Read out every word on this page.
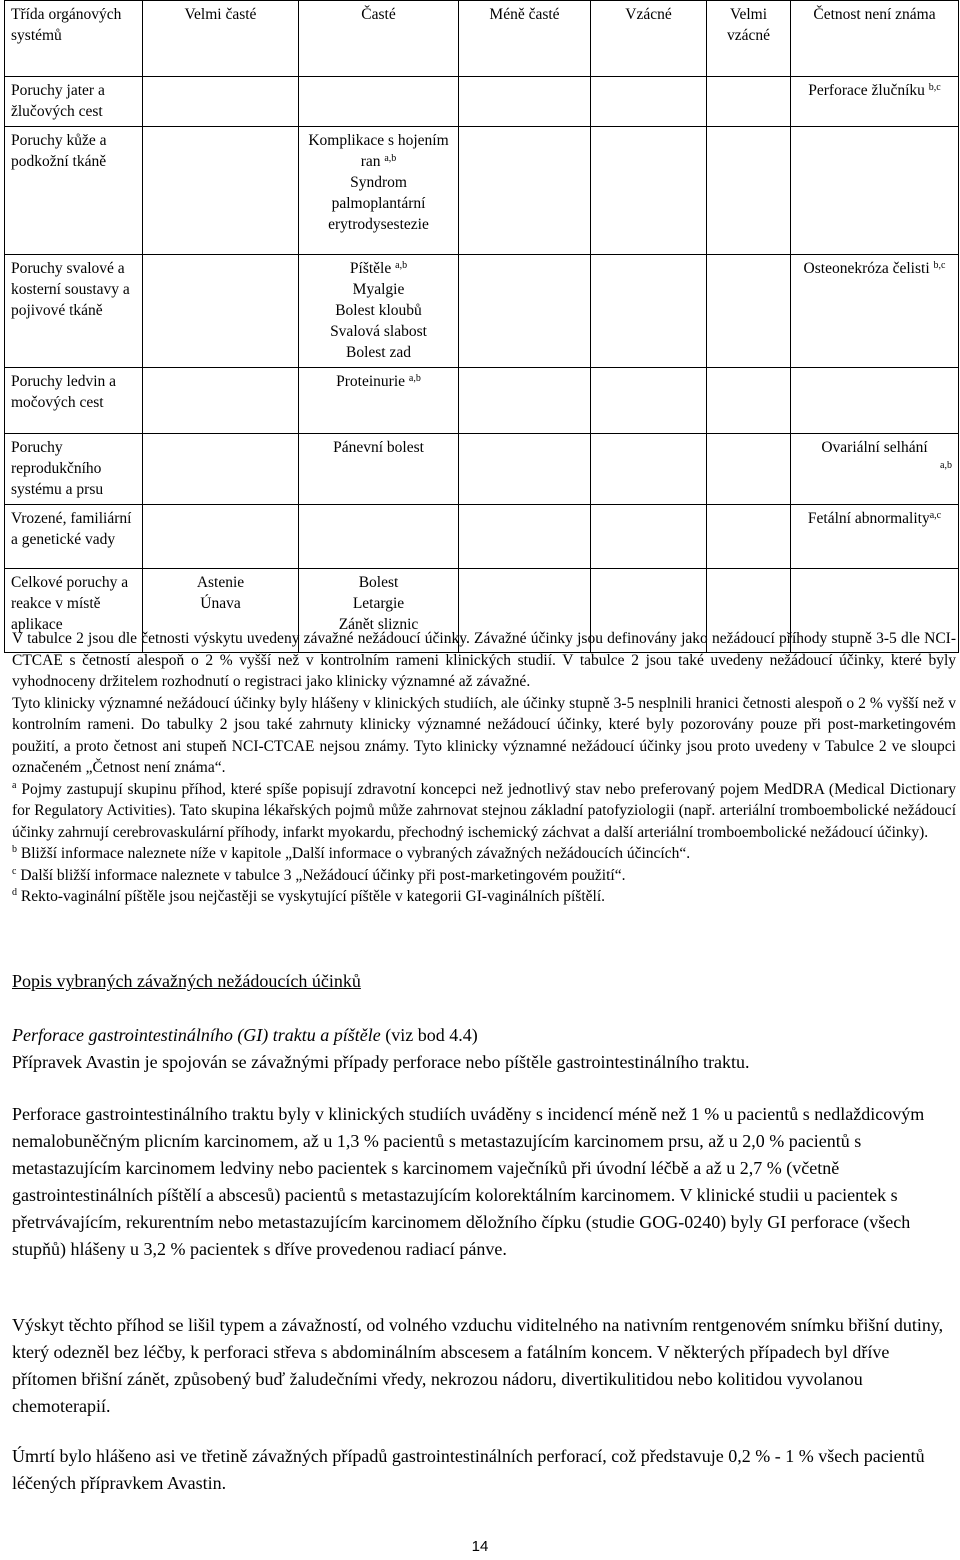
Třída orgánových systémů	Velmi časté	Časté	Méně časté	Vzácné	Velmi vzácné	Četnost není známa
Poruchy jater a žlučových cest						Perforace žlučníku $^{b,c}$
Poruchy kůže a podkožní tkáně		Komplikace s hojením ran $^{a,b}$
Syndrom palmoplantární erytrodysestezie				
Poruchy svalové a kosterní soustavy a pojivové tkáně		Píštěle $^{a,b}$
Myalgie
Bolest kloubů
Svalová slabost
Bolest zad				Osteonekróza čelisti $^{b,c}$
Poruchy ledvin a močových cest		Proteinurie $^{a,b}$				
Poruchy reprodukčního systému a prsu		Pánevní bolest				Ovariální selhání

$^{a,b}$

Vrozené, familiární a genetické vady						Fetální abnormality$^{a,c}$
Celkové poruchy a reakce v místě aplikace	Astenie
Únava	Bolest
Letargie
Zánět sliznic				

V tabulce 2 jsou dle četnosti výskytu uvedeny závažné nežádoucí účinky. Závažné účinky jsou definovány jako nežádoucí příhody stupně 3-5 dle NCI-CTCAE s četností alespoň o 2 % vyšší než v kontrolním rameni klinických studií. V tabulce 2 jsou také uvedeny nežádoucí účinky, které byly vyhodnoceny držitelem rozhodnutí o registraci jako klinicky významné až závažné.

Tyto klinicky významné nežádoucí účinky byly hlášeny v klinických studiích, ale účinky stupně 3-5 nesplnili hranici četnosti alespoň o 2 % vyšší než v kontrolním rameni. Do tabulky 2 jsou také zahrnuty klinicky významné nežádoucí účinky, které byly pozorovány pouze při post-marketingovém použití, a proto četnost ani stupeň NCI-CTCAE nejsou známy. Tyto klinicky významné nežádoucí účinky jsou proto uvedeny v Tabulce 2 ve sloupci označeném „Četnost není známa“.

$^a$ Pojmy zastupují skupinu příhod, které spíše popisují zdravotní koncepci než jednotlivý stav nebo preferovaný pojem MedDRA (Medical Dictionary for Regulatory Activities). Tato skupina lékařských pojmů může zahrnovat stejnou základní patofyziologii (např. arteriální tromboembolické nežádoucí účinky zahrnují cerebrovaskulární příhody, infarkt myokardu, přechodný ischemický záchvat a další arteriální tromboembolické nežádoucí účinky).

$^b$ Bližší informace naleznete níže v kapitole „Další informace o vybraných závažných nežádoucích účincích“.

$^c$ Další bližší informace naleznete v tabulce 3 „Nežádoucí účinky při post-marketingovém použití“.

$^d$ Rekto-vaginální píštěle jsou nejčastěji se vyskytující píštěle v kategorii GI-vaginálních píštělí.

Popis vybraných závažných nežádoucích účinků

Perforace gastrointestinálního (GI) traktu a píštěle (viz bod 4.4)

Přípravek Avastin je spojován se závažnými případy perforace nebo píštěle gastrointestinálního traktu.

Perforace gastrointestinálního traktu byly v klinických studiích uváděny s incidencí méně než 1 % u pacientů s nedlaždicovým nemalobuněčným plicním karcinomem, až u 1,3 % pacientů s metastazujícím karcinomem prsu, až u 2,0 % pacientů s metastazujícím karcinomem ledviny nebo pacientek s karcinomem vaječníků při úvodní léčbě a až u 2,7 % (včetně gastrointestinálních píštělí a abscesů) pacientů s metastazujícím kolorektálním karcinomem. V klinické studii u pacientek s přetrvávajícím, rekurentním nebo metastazujícím karcinomem děložního čípku (studie GOG-0240) byly GI perforace (všech stupňů) hlášeny u 3,2 % pacientek s dříve provedenou radiací pánve.
Výskyt těchto příhod se lišil typem a závažností, od volného vzduchu viditelného na nativním rentgenovém snímku břišní dutiny, který odezněl bez léčby, k perforaci střeva s abdominálním abscesem a fatálním koncem. V některých případech byl dříve přítomen břišní zánět, způsobený buď žaludečními vředy, nekrozou nádoru, divertikulitidou nebo kolitidou vyvolanou chemoterapií.
Úmrtí bylo hlášeno asi ve třetině závažných případů gastrointestinálních perforací, což představuje 0,2 % - 1 % všech pacientů léčených přípravkem Avastin.
14
